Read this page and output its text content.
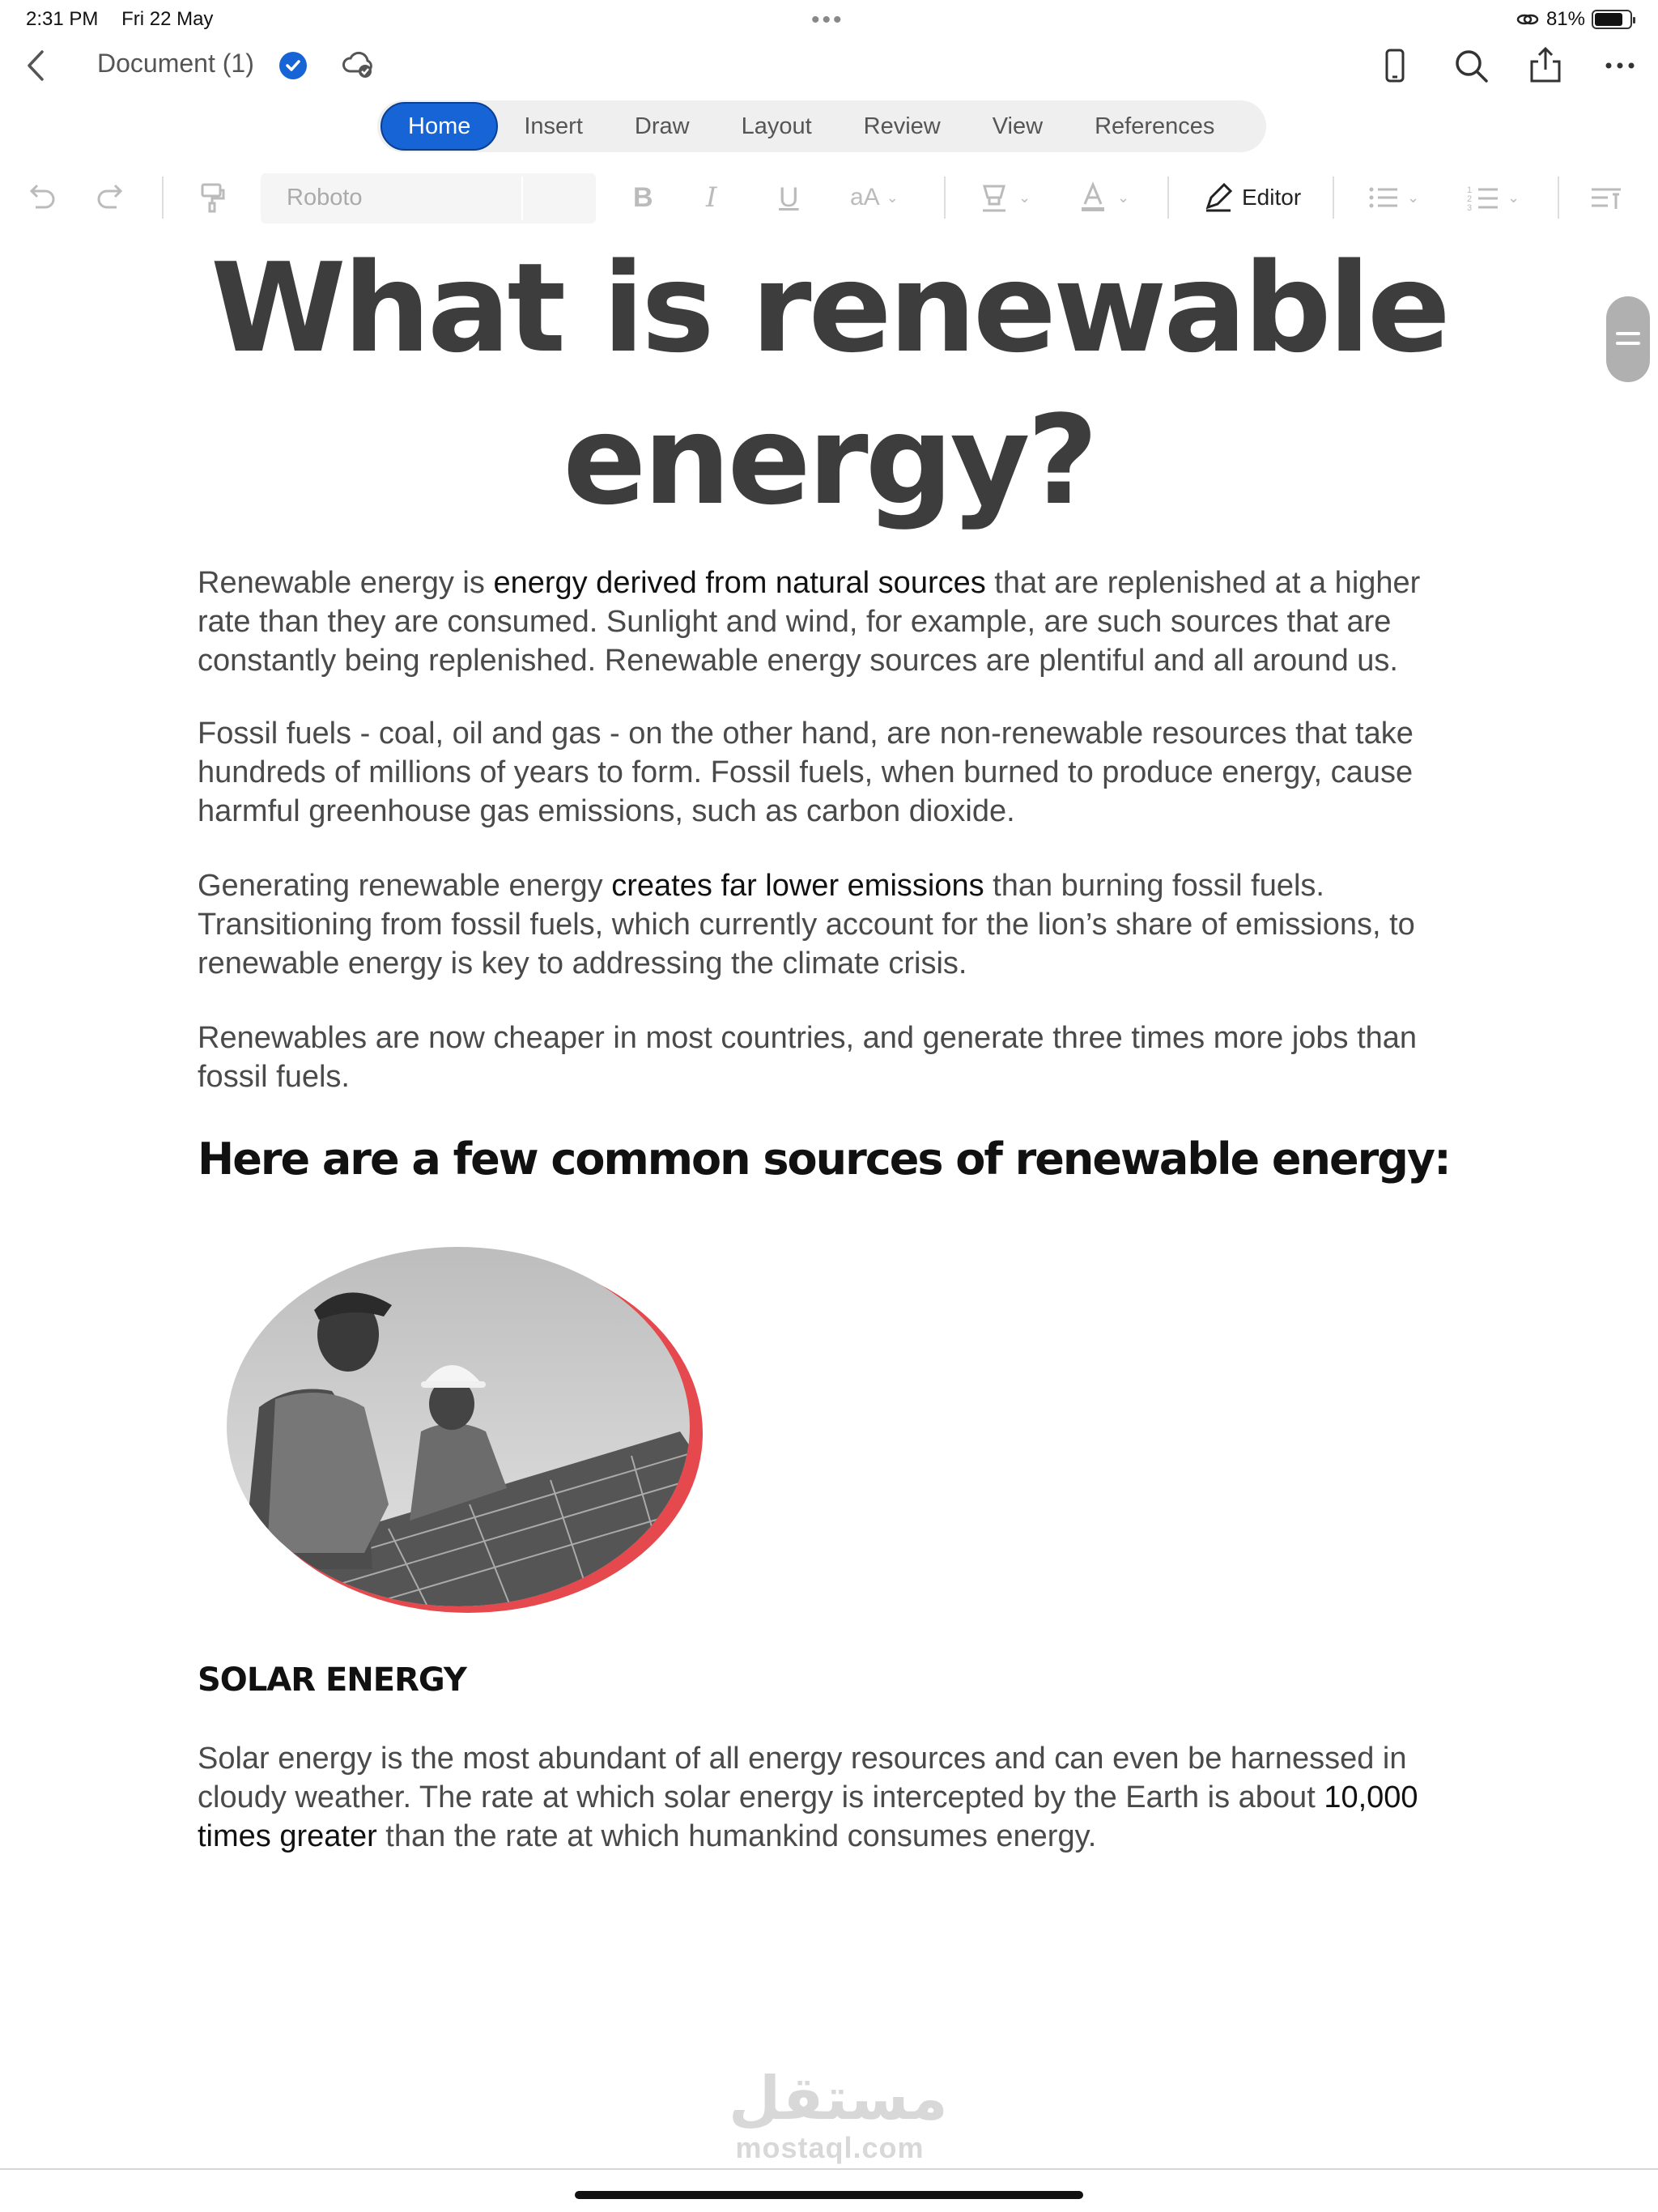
2:31 PM Fri 22 May	•••	81%
Document (1)
Home	Insert	Draw	Layout	Review	View	References
Roboto	B I U aA ⌄	⌄	⌄	Editor	⌄	1
2
3
⌄
What is renewable
energy?

Renewable energy is energy derived from natural sources that are replenished at a higher rate than they are consumed. Sunlight and wind, for example, are such sources that are constantly being replenished. Renewable energy sources are plentiful and all around us.

Fossil fuels - coal, oil and gas - on the other hand, are non-renewable resources that take hundreds of millions of years to form. Fossil fuels, when burned to produce energy, cause harmful greenhouse gas emissions, such as carbon dioxide.

Generating renewable energy creates far lower emissions than burning fossil fuels. Transitioning from fossil fuels, which currently account for the lion’s share of emissions, to renewable energy is key to addressing the climate crisis.

Renewables are now cheaper in most countries, and generate three times more jobs than fossil fuels.

Here are a few common sources of renewable energy:
SOLAR ENERGY

Solar energy is the most abundant of all energy resources and can even be harnessed in cloudy weather. The rate at which solar energy is intercepted by the Earth is about 10,000 times greater than the rate at which humankind consumes energy.

مستقل
mostaql.com
